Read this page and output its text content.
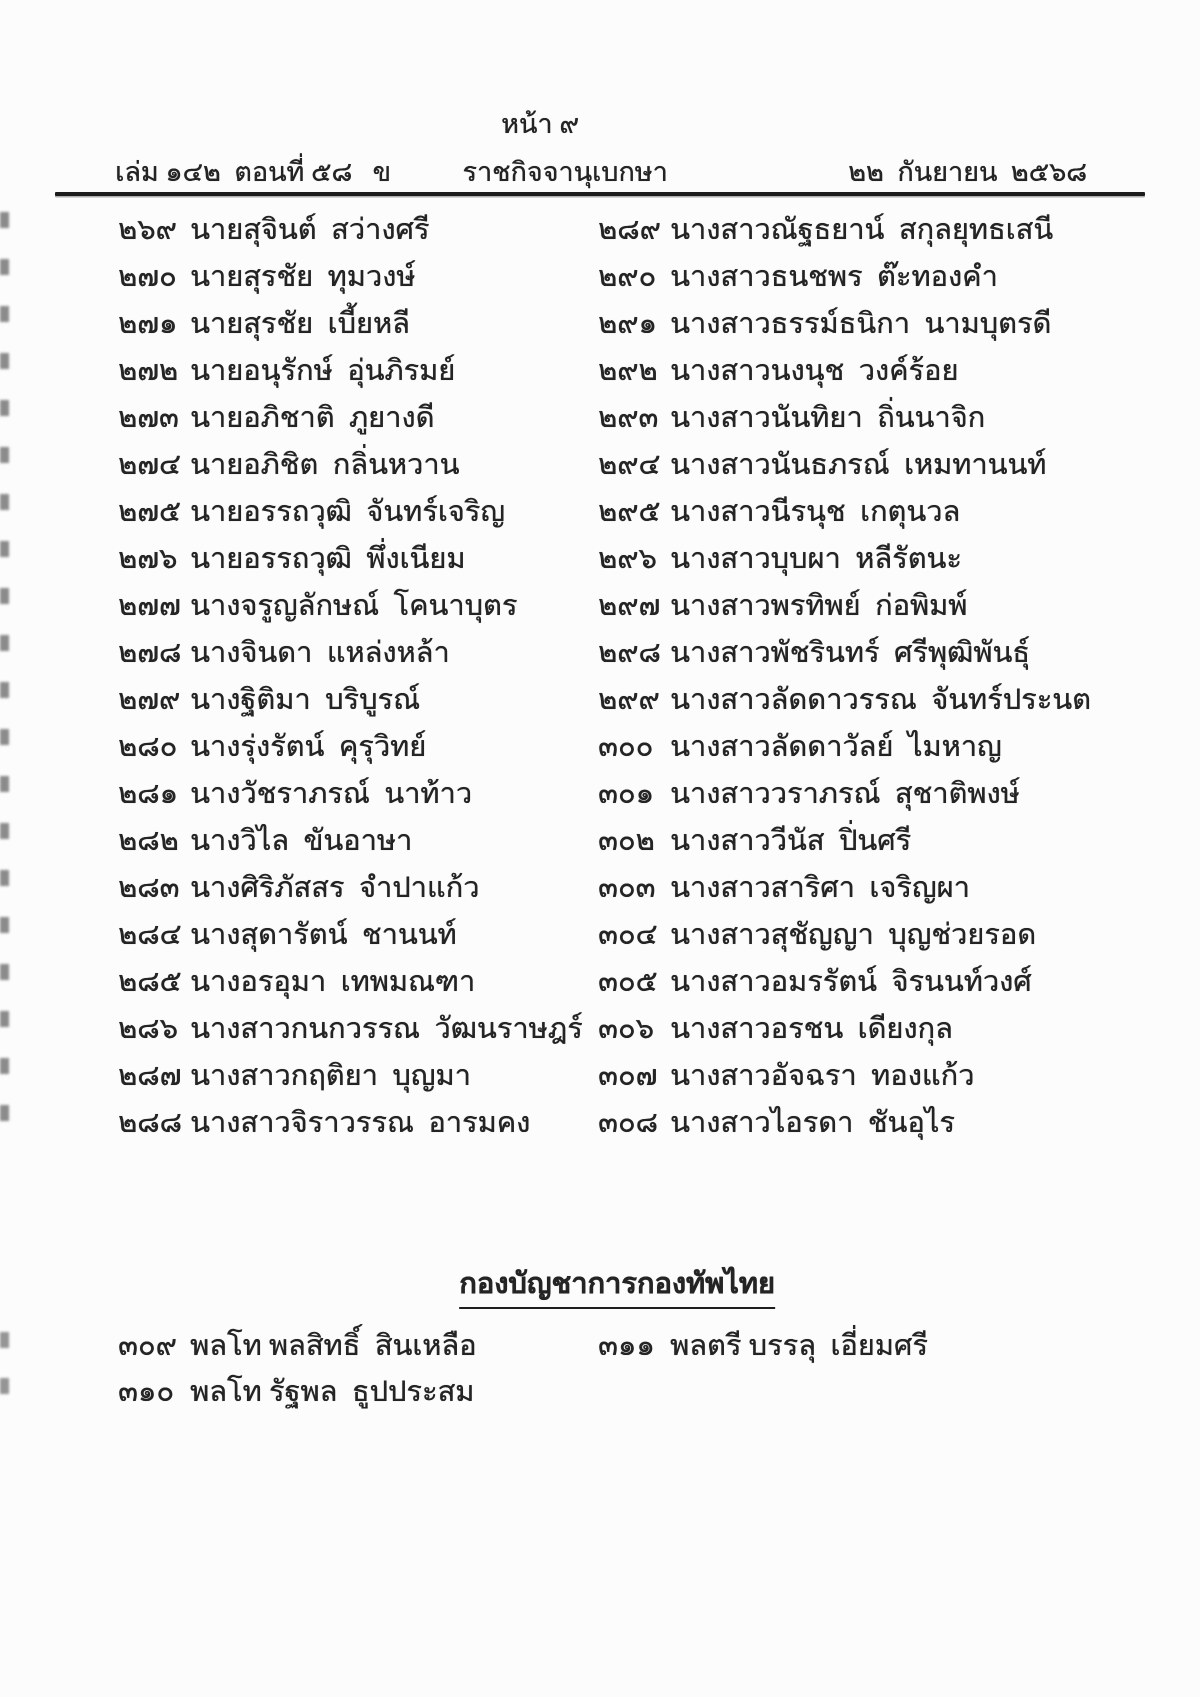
หน้า ๙
เล่ม ๑๔๒  ตอนที่ ๕๘   ข	ราชกิจจานุเบกษา	๒๒  กันยายน  ๒๕๖๘
๒๖๙ นายสุจินต์  สว่างศรี
๒๗๐ นายสุรชัย  ทุมวงษ์
๒๗๑ นายสุรชัย  เบี้ยหลี
๒๗๒ นายอนุรักษ์  อุ่นภิรมย์
๒๗๓ นายอภิชาติ  ภูยางดี
๒๗๔ นายอภิชิต  กลิ่นหวาน
๒๗๕ นายอรรถวุฒิ  จันทร์เจริญ
๒๗๖ นายอรรถวุฒิ  พึ่งเนียม
๒๗๗ นางจรูญลักษณ์  โคนาบุตร
๒๗๘ นางจินดา  แหล่งหล้า
๒๗๙ นางฐิติมา  บริบูรณ์
๒๘๐ นางรุ่งรัตน์  คุรุวิทย์
๒๘๑ นางวัชราภรณ์  นาท้าว
๒๘๒ นางวิไล  ขันอาษา
๒๘๓ นางศิริภัสสร  จำปาแก้ว
๒๘๔ นางสุดารัตน์  ชานนท์
๒๘๕ นางอรอุมา  เทพมณฑา
๒๘๖ นางสาวกนกวรรณ  วัฒนราษฎร์
๒๘๗ นางสาวกฤติยา  บุญมา
๒๘๘ นางสาวจิราวรรณ  อารมคง
๒๘๙ นางสาวณัฐธยาน์  สกุลยุทธเสนี
๒๙๐ นางสาวธนชพร  ต๊ะทองคำ
๒๙๑ นางสาวธรรม์ธนิกา  นามบุตรดี
๒๙๒ นางสาวนงนุช  วงค์ร้อย
๒๙๓ นางสาวนันทิยา  ถิ่นนาจิก
๒๙๔ นางสาวนันธภรณ์  เหมทานนท์
๒๙๕ นางสาวนีรนุช  เกตุนวล
๒๙๖ นางสาวบุบผา  หลีรัตนะ
๒๙๗ นางสาวพรทิพย์  ก่อพิมพ์
๒๙๘ นางสาวพัชรินทร์  ศรีพุฒิพันธุ์
๒๙๙ นางสาวลัดดาวรรณ  จันทร์ประนต
๓๐๐ นางสาวลัดดาวัลย์  ไมหาญ
๓๐๑ นางสาววราภรณ์  สุชาติพงษ์
๓๐๒ นางสาววีนัส  ปิ่นศรี
๓๐๓ นางสาวสาริศา  เจริญผา
๓๐๔ นางสาวสุชัญญา  บุญช่วยรอด
๓๐๕ นางสาวอมรรัตน์  จิรนนท์วงศ์
๓๐๖ นางสาวอรชน  เดียงกุล
๓๐๗ นางสาวอัจฉรา  ทองแก้ว
๓๐๘ นางสาวไอรดา  ชันอุไร
กองบัญชาการกองทัพไทย
๓๐๙ พลโท พลสิทธิ์  สินเหลือ
๓๑๐ พลโท รัฐพล  ธูปประสม
๓๑๑ พลตรี บรรลุ  เอี่ยมศรี
